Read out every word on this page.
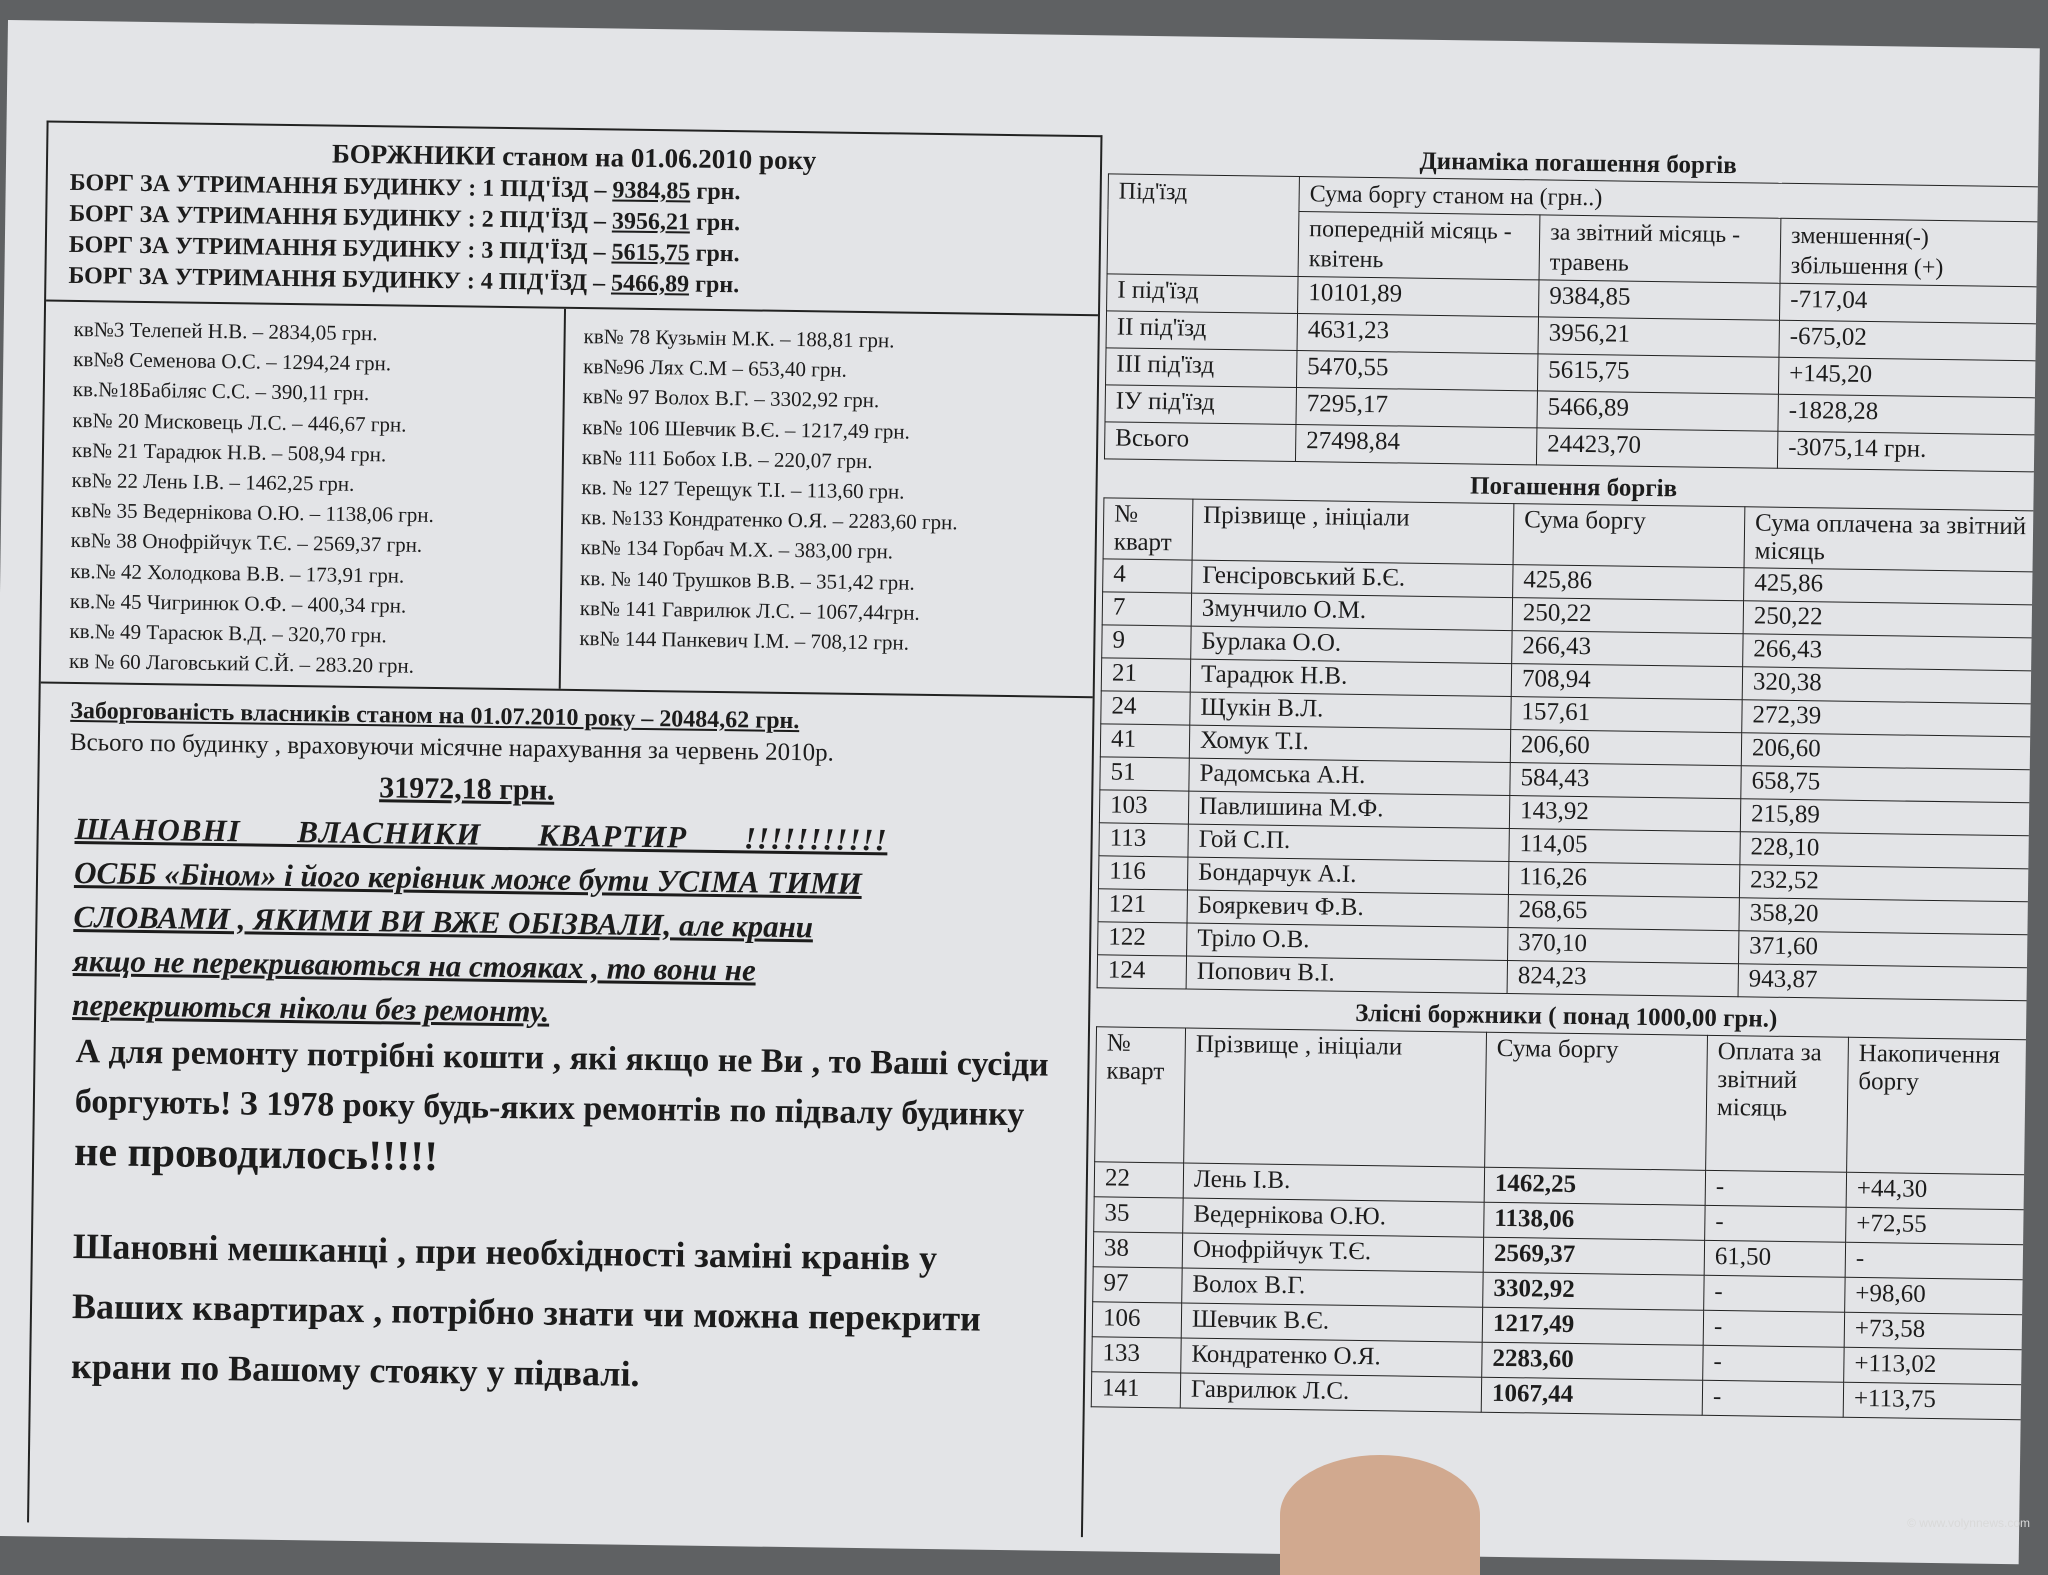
БОРЖНИКИ станом на 01.06.2010 року
БОРГ ЗА УТРИМАННЯ БУДИНКУ : 1 ПІД'ЇЗД – 9384,85 грн.
БОРГ ЗА УТРИМАННЯ БУДИНКУ : 2 ПІД'ЇЗД – 3956,21 грн.
БОРГ ЗА УТРИМАННЯ БУДИНКУ : 3 ПІД'ЇЗД – 5615,75 грн.
БОРГ ЗА УТРИМАННЯ БУДИНКУ : 4 ПІД'ЇЗД – 5466,89 грн.
кв№3 Телепей Н.В. – 2834,05 грн.
кв№8 Семенова О.С. – 1294,24 грн.
кв.№18Бабіляс С.С. – 390,11 грн.
кв№ 20 Мисковець Л.С. – 446,67 грн.
кв№ 21 Тарадюк Н.В. – 508,94 грн.
кв№ 22 Лень І.В. – 1462,25 грн.
кв№ 35 Ведернікова О.Ю. – 1138,06 грн.
кв№ 38 Онофрійчук Т.Є. – 2569,37 грн.
кв.№ 42 Холодкова В.В. – 173,91 грн.
кв.№ 45 Чигринюк О.Ф. – 400,34 грн.
кв.№ 49 Тарасюк В.Д. – 320,70 грн.
кв № 60 Лаговський С.Й. – 283.20 грн.
кв№ 78 Кузьмін М.К. – 188,81 грн.
кв№96 Лях С.М – 653,40 грн.
кв№ 97 Волох В.Г. – 3302,92 грн.
кв№ 106 Шевчик В.Є. – 1217,49 грн.
кв№ 111 Бобох І.В. – 220,07 грн.
кв. № 127 Терещук Т.І. – 113,60 грн.
кв. №133 Кондратенко О.Я. – 2283,60 грн.
кв№ 134 Горбач М.Х. – 383,00 грн.
кв. № 140 Трушков В.В. – 351,42 грн.
кв№ 141 Гаврилюк Л.С. – 1067,44грн.
кв№ 144 Панкевич І.М. – 708,12 грн.
Заборгованість власників станом на 01.07.2010 року – 20484,62 грн.
Всього по будинку , враховуючи місячне нарахування за червень 2010р.
31972,18 грн.
ШАНОВНІ ВЛАСНИКИ КВАРТИР !!!!!!!!!!!
ОСББ «Біном» і його керівник може бути УСІМА ТИМИ
СЛОВАМИ , ЯКИМИ ВИ ВЖЕ ОБІЗВАЛИ, але крани
якщо не перекриваються на стояках , то вони не
перекриються ніколи без ремонту.
А для ремонту потрібні кошти , які якщо не Ви , то Ваші сусіди боргують! З 1978 року будь-яких ремонтів по підвалу будинку не проводилось!!!!!
Шановні мешканці , при необхідності заміні кранів у Ваших квартирах , потрібно знати чи можна перекрити крани по Вашому стояку у підвалі.
Динаміка погашення боргів
Під'їзд	Сума боргу станом на (грн..)		
	попередній місяць - квітень	за звітний місяць - травень	зменшення(-) збільшення (+)
І під'їзд	10101,89	9384,85	-717,04
ІІ під'їзд	4631,23	3956,21	-675,02
ІІІ під'їзд	5470,55	5615,75	+145,20
ІУ під'їзд	7295,17	5466,89	-1828,28
Всього	27498,84	24423,70	-3075,14 грн.
Погашення боргів
№ кварт	Прізвище , ініціали	Сума боргу	Сума оплачена за звітний місяць
4	Генсіровський Б.Є.	425,86	425,86
7	Змунчило О.М.	250,22	250,22
9	Бурлака О.О.	266,43	266,43
21	Тарадюк Н.В.	708,94	320,38
24	Щукін В.Л.	157,61	272,39
41	Хомук Т.І.	206,60	206,60
51	Радомська А.Н.	584,43	658,75
103	Павлишина М.Ф.	143,92	215,89
113	Гой С.П.	114,05	228,10
116	Бондарчук А.І.	116,26	232,52
121	Бояркевич Ф.В.	268,65	358,20
122	Тріло О.В.	370,10	371,60
124	Попович В.І.	824,23	943,87
Злісні боржники ( понад 1000,00 грн.)
№ кварт	Прізвище , ініціали	Сума боргу	Оплата за звітний місяць	Накопичення боргу
22	Лень І.В.	1462,25	-	+44,30
35	Ведернікова О.Ю.	1138,06	-	+72,55
38	Онофрійчук Т.Є.	2569,37	61,50	-
97	Волох В.Г.	3302,92	-	+98,60
106	Шевчик В.Є.	1217,49	-	+73,58
133	Кондратенко О.Я.	2283,60	-	+113,02
141	Гаврилюк Л.С.	1067,44	-	+113,75
© www.volynnews.com
